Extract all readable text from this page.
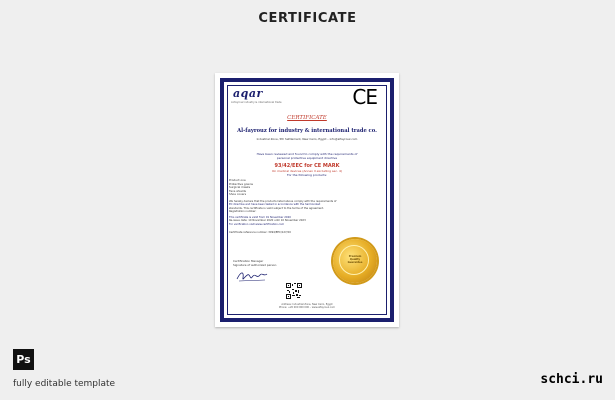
CERTIFICATE
aqar
Al-fayrouz industry & international trade	CE
CERTIFICATE
Al-fayrouz for industry & international trade co.
Industrial Zone, 5th Settlement, New Cairo, Egypt – info@alfayrouz.com
Have been reviewed and found to comply with the requirements of
personal protective equipment directive
93/42/EEC for CE MARK
On medical devices (Annex II excluding sec. 4)
For the following products:
Product one
Protective gowns
Surgical masks
Face shields
Shoe covers
We hereby declare that the products listed above comply with the requirements of
EC directive and have been tested in accordance with the harmonized
standards. This certificate is valid subject to the terms of the agreement.
Registration number:
This certificate is valid from 01 November 2020
Re-issue date: 10 November 2020 until 10 November 2023
For verification visit www.certification.com
Certificate reference number: 3094/EEC/127/20
Premium
Quality
Guarantee
Certification Manager
Signature of authorized person
Address: Industrial Zone, New Cairo, Egypt
Phone: +20 000 000 000 – www.alfayrouz.com
Ps
fully editable template	schci.ru
